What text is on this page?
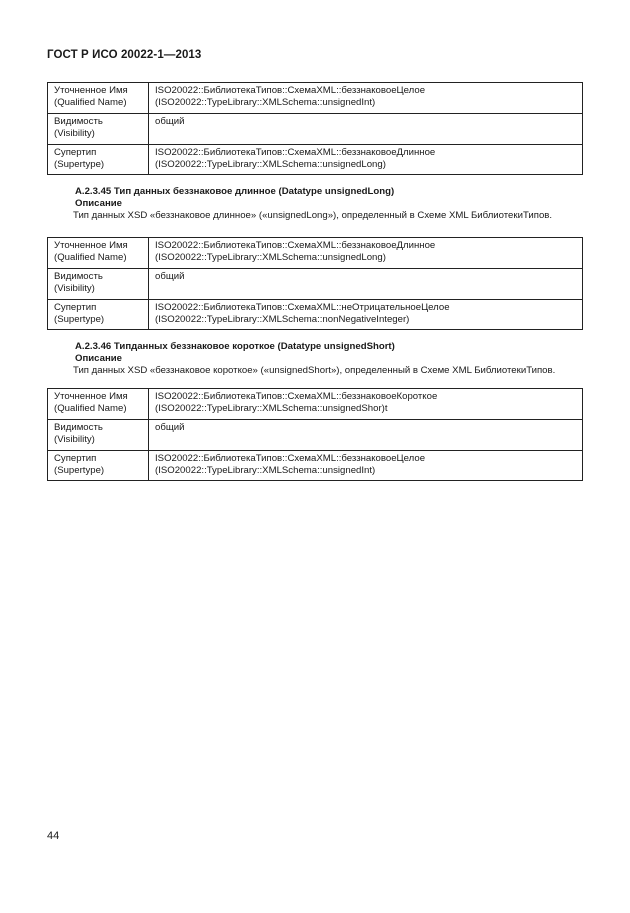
ГОСТ Р ИСО 20022-1—2013
Уточненное Имя
(Qualified Name)	ISO20022::БиблиотекаТипов::СхемаXML::беззнаковоеЦелое
(ISO20022::TypeLibrary::XMLSchema::unsignedInt)

Видимость
(Visibility)	общий

Супертип
(Supertype)	ISO20022::БиблиотекаТипов::СхемаXML::беззнаковоеДлинное
(ISO20022::TypeLibrary::XMLSchema::unsignedLong)
A.2.3.45 Тип данных беззнаковое длинное (Datatype unsignedLong)
Описание
Тип данных XSD «беззнаковое длинное» («unsignedLong»), определенный в Схеме XML БиблиотекиТипов.
Уточненное Имя
(Qualified Name)	ISO20022::БиблиотекаТипов::СхемаXML::беззнаковоеДлинное
(ISO20022::TypeLibrary::XMLSchema::unsignedLong)

Видимость
(Visibility)	общий

Супертип
(Supertype)	ISO20022::БиблиотекаТипов::СхемаXML::неОтрицательноеЦелое
(ISO20022::TypeLibrary::XMLSchema::nonNegativeInteger)
A.2.3.46 Типданных беззнаковое короткое (Datatype unsignedShort)
Описание
Тип данных XSD «беззнаковое короткое» («unsignedShort»), определенный в Схеме XML БиблиотекиТипов.
Уточненное Имя
(Qualified Name)	ISO20022::БиблиотекаТипов::СхемаXML::беззнаковоеКороткое
(ISO20022::TypeLibrary::XMLSchema::unsignedShor)t

Видимость
(Visibility)	общий

Супертип
(Supertype)	ISO20022::БиблиотекаТипов::СхемаXML::беззнаковоеЦелое
(ISO20022::TypeLibrary::XMLSchema::unsignedInt)
44
